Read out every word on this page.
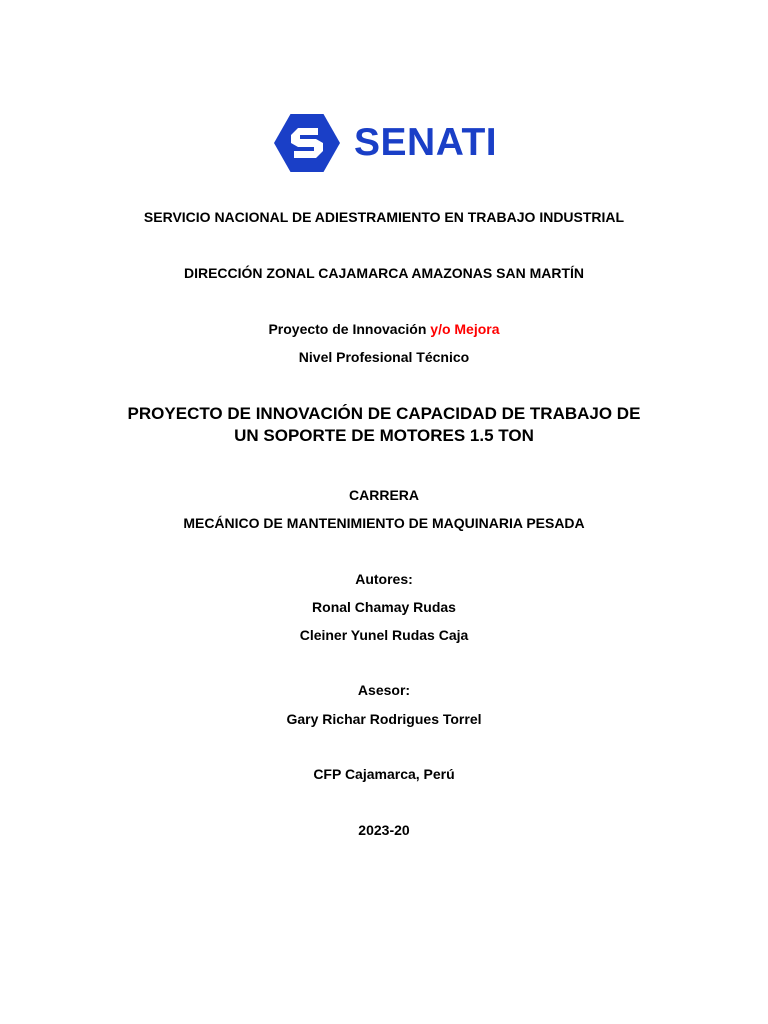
SENATI
SERVICIO NACIONAL DE ADIESTRAMIENTO EN TRABAJO INDUSTRIAL
DIRECCIÓN ZONAL CAJAMARCA AMAZONAS SAN MARTÍN
Proyecto de Innovación y/o Mejora
Nivel Profesional Técnico
PROYECTO DE INNOVACIÓN DE CAPACIDAD DE TRABAJO DE
UN SOPORTE DE MOTORES 1.5 TON
CARRERA
MECÁNICO DE MANTENIMIENTO DE MAQUINARIA PESADA
Autores:
Ronal Chamay Rudas
Cleiner Yunel Rudas Caja
Asesor:
Gary Richar Rodrigues Torrel
CFP Cajamarca, Perú
2023-20
